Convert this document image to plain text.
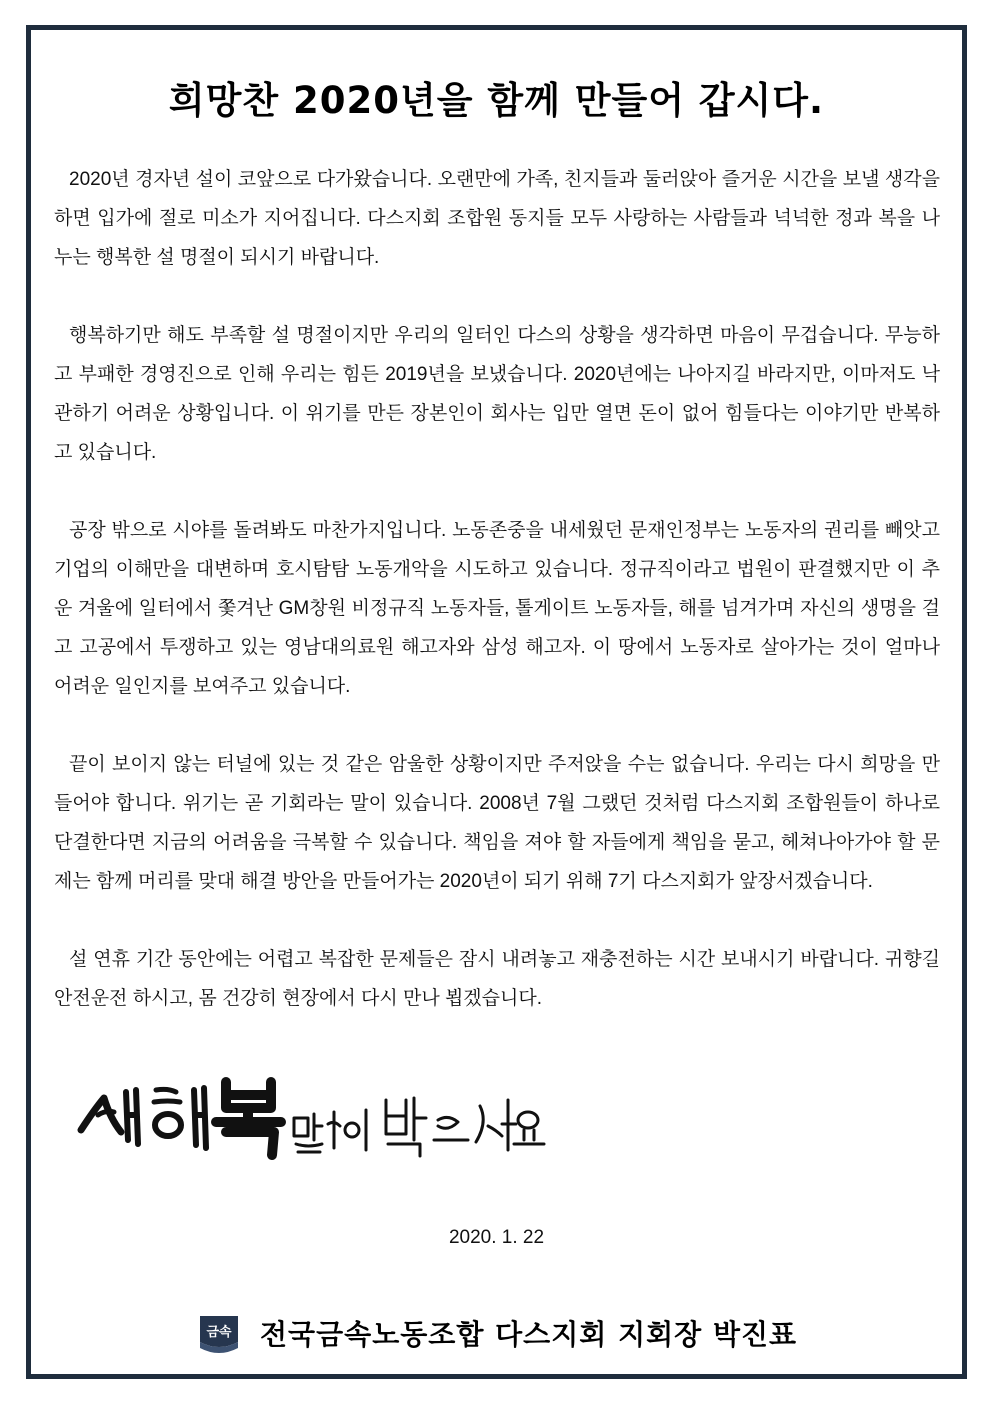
희망찬 2020년을 함께 만들어 갑시다.

2020년 경자년 설이 코앞으로 다가왔습니다. 오랜만에 가족, 친지들과 둘러앉아 즐거운 시간을 보낼 생각을 하면 입가에 절로 미소가 지어집니다. 다스지회 조합원 동지들 모두 사랑하는 사람들과 넉넉한 정과 복을 나누는 행복한 설 명절이 되시기 바랍니다.

행복하기만 해도 부족할 설 명절이지만 우리의 일터인 다스의 상황을 생각하면 마음이 무겁습니다. 무능하고 부패한 경영진으로 인해 우리는 힘든 2019년을 보냈습니다. 2020년에는 나아지길 바라지만, 이마저도 낙관하기 어려운 상황입니다. 이 위기를 만든 장본인이 회사는 입만 열면 돈이 없어 힘들다는 이야기만 반복하고 있습니다.

공장 밖으로 시야를 돌려봐도 마찬가지입니다. 노동존중을 내세웠던 문재인정부는 노동자의 권리를 빼앗고 기업의 이해만을 대변하며 호시탐탐 노동개악을 시도하고 있습니다. 정규직이라고 법원이 판결했지만 이 추운 겨울에 일터에서 쫓겨난 GM창원 비정규직 노동자들, 톨게이트 노동자들, 해를 넘겨가며 자신의 생명을 걸고 고공에서 투쟁하고 있는 영남대의료원 해고자와 삼성 해고자. 이 땅에서 노동자로 살아가는 것이 얼마나 어려운 일인지를 보여주고 있습니다.

끝이 보이지 않는 터널에 있는 것 같은 암울한 상황이지만 주저앉을 수는 없습니다. 우리는 다시 희망을 만들어야 합니다. 위기는 곧 기회라는 말이 있습니다. 2008년 7월 그랬던 것처럼 다스지회 조합원들이 하나로 단결한다면 지금의 어려움을 극복할 수 있습니다. 책임을 져야 할 자들에게 책임을 묻고, 헤쳐나아가야 할 문제는 함께 머리를 맞대 해결 방안을 만들어가는 2020년이 되기 위해 7기 다스지회가 앞장서겠습니다.

설 연휴 기간 동안에는 어렵고 복잡한 문제들은 잠시 내려놓고 재충전하는 시간 보내시기 바랍니다. 귀향길 안전운전 하시고, 몸 건강히 현장에서 다시 만나 뵙겠습니다.

2020. 1. 22
금속 전국금속노동조합 다스지회 지회장 박진표
